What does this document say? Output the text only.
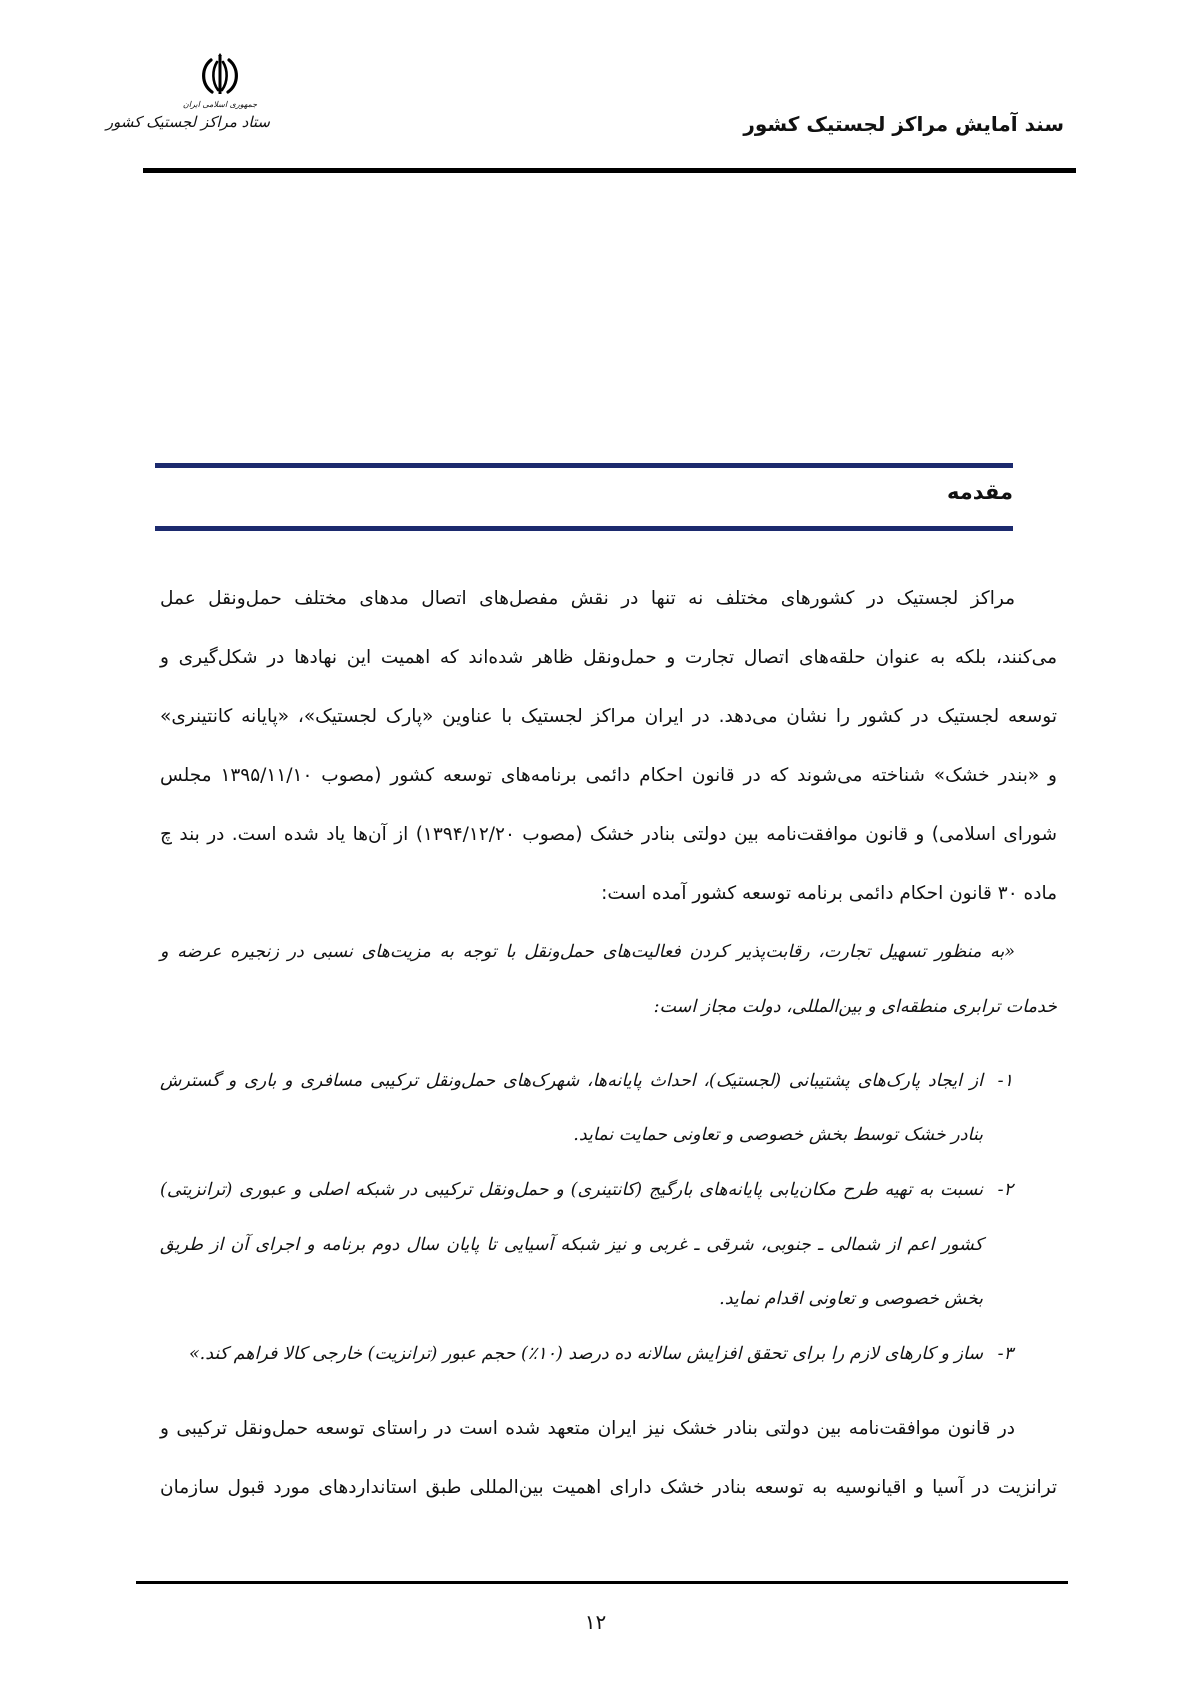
جمهوری اسلامی ایران
ستاد مراکز لجستیک کشور	سند آمایش مراکز لجستیک کشور
مقدمه
مراکز لجستیک در کشورهای مختلف نه تنها در نقش مفصل‌های اتصال مدهای مختلف حمل‌ونقل عمل
می‌کنند، بلکه به عنوان حلقه‌های اتصال تجارت و حمل‌ونقل ظاهر شده‌اند که اهمیت این نهادها در شکل‌گیری و
توسعه لجستیک در کشور را نشان می‌دهد. در ایران مراکز لجستیک با عناوین «پارک لجستیک»، «پایانه کانتینری»
و «بندر خشک» شناخته می‌شوند که در قانون احکام دائمی برنامه‌های توسعه کشور (مصوب ۱۳۹۵/۱۱/۱۰ مجلس
شورای اسلامی) و قانون موافقت‌نامه بین دولتی بنادر خشک (مصوب ۱۳۹۴/۱۲/۲۰) از آن‌ها یاد شده است. در بند چ
ماده ۳۰ قانون احکام دائمی برنامه توسعه کشور آمده است:
«به منظور تسهیل تجارت، رقابت‌پذیر کردن فعالیت‌های حمل‌ونقل با توجه به مزیت‌های نسبی در زنجیره عرضه و
خدمات ترابری منطقه‌ای و بین‌المللی، دولت مجاز است:
۱-
از ایجاد پارک‌های پشتیبانی (لجستیک)، احداث پایانه‌ها، شهرک‌های حمل‌ونقل ترکیبی مسافری و باری و گسترش
بنادر خشک توسط بخش خصوصی و تعاونی حمایت نماید.
۲-
نسبت به تهیه طرح مکان‌یابی پایانه‌های بارگیج (کانتینری) و حمل‌ونقل ترکیبی در شبکه اصلی و عبوری (ترانزیتی)
کشور اعم از شمالی ـ جنوبی، شرقی ـ غربی و نیز شبکه آسیایی تا پایان سال دوم برنامه و اجرای آن از طریق
بخش خصوصی و تعاونی اقدام نماید.
۳-
ساز و کارهای لازم را برای تحقق افزایش سالانه ده درصد (۱۰٪) حجم عبور (ترانزیت) خارجی کالا فراهم کند.»
در قانون موافقت‌نامه بین دولتی بنادر خشک نیز ایران متعهد شده است در راستای توسعه حمل‌ونقل ترکیبی و
ترانزیت در آسیا و اقیانوسیه به توسعه بنادر خشک دارای اهمیت بین‌المللی طبق استانداردهای مورد قبول سازمان
۱۲
